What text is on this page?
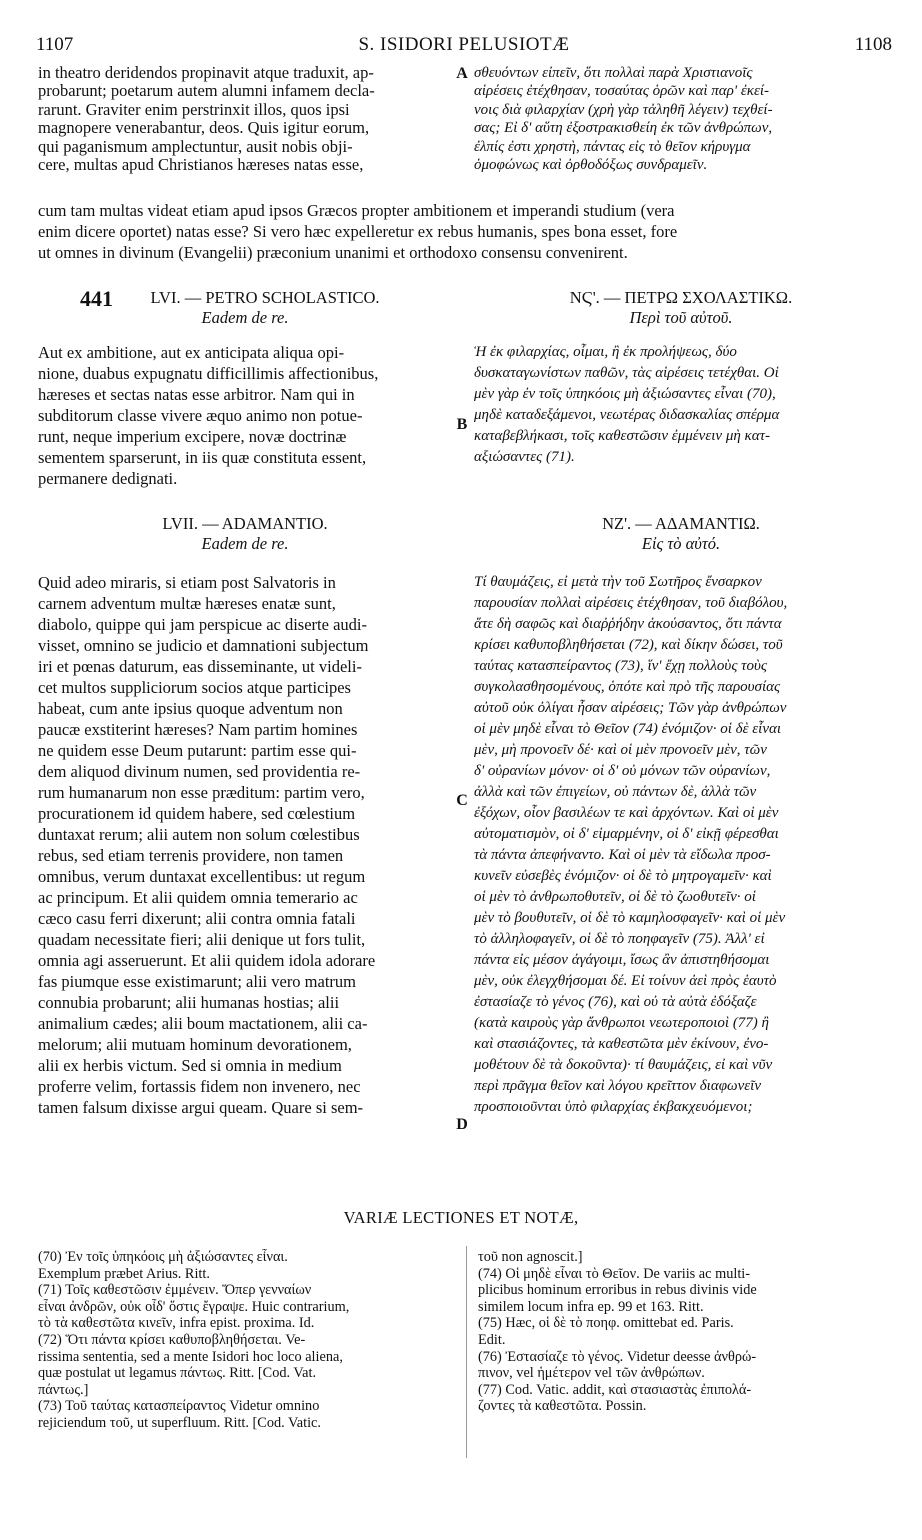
1107	S. ISIDORI PELUSIOTÆ	1108
in theatro deridendos propinavit atque traduxit, ap-
probarunt; poetarum autem alumni infamem decla-
rarunt. Graviter enim perstrinxit illos, quos ipsi
magnopere venerabantur, deos. Quis igitur eorum,
qui paganismum amplectuntur, ausit nobis obji-
cere, multas apud Christianos hæreses natas esse,
σθευόντων εἰπεῖν, ὅτι πολλαὶ παρὰ Χριστιανοῖς
αἱρέσεις ἐτέχθησαν, τοσαύτας ὁρῶν καὶ παρ' ἐκεί-
νοις διὰ φιλαρχίαν (χρὴ γὰρ τἀληθῆ λέγειν) τεχθεί-
σας; Εἰ δ' αὕτη ἐξοστρακισθείη ἐκ τῶν ἀνθρώπων,
ἐλπίς ἐστι χρηστὴ, πάντας εἰς τὸ θεῖον κήρυγμα
ὁμοφώνως καὶ ὀρθοδόξως συνδραμεῖν.
A
cum tam multas videat etiam apud ipsos Græcos propter ambitionem et imperandi studium (vera
enim dicere oportet) natas esse? Si vero hæc expelleretur ex rebus humanis, spes bona esset, fore
ut omnes in divinum (Evangelii) præconium unanimi et orthodoxo consensu convenirent.
441	LVI. — PETRO SCHOLASTICO.
Eadem de re.
ΝϚ'. — ΠΕΤΡΩ ΣΧΟΛΑΣΤΙΚΩ.
Περὶ τοῦ αὐτοῦ.
Aut ex ambitione, aut ex anticipata aliqua opi-
nione, duabus expugnatu difficillimis affectionibus,
hæreses et sectas natas esse arbitror. Nam qui in
subditorum classe vivere æquo animo non potue-
runt, neque imperium excipere, novæ doctrinæ
sementem sparserunt, in iis quæ constituta essent,
permanere dedignati.
Ἡ ἐκ φιλαρχίας, οἶμαι, ἢ ἐκ προλήψεως, δύο
δυσκαταγωνίστων παθῶν, τὰς αἱρέσεις τετέχθαι. Οἱ
μὲν γὰρ ἐν τοῖς ὑπηκόοις μὴ ἀξιώσαντες εἶναι (70),
μηδὲ καταδεξάμενοι, νεωτέρας διδασκαλίας σπέρμα
καταβεβλήκασι, τοῖς καθεστῶσιν ἐμμένειν μὴ κατ-
αξιώσαντες (71).
B
LVII. — ADAMANTIO.
Eadem de re.
ΝΖ'. — ΑΔΑΜΑΝΤΙΩ.
Εἰς τὸ αὐτό.
Quid adeo miraris, si etiam post Salvatoris in
carnem adventum multæ hæreses enatæ sunt,
diabolo, quippe qui jam perspicue ac diserte audi-
visset, omnino se judicio et damnationi subjectum
iri et pœnas daturum, eas disseminante, ut videli-
cet multos suppliciorum socios atque participes
habeat, cum ante ipsius quoque adventum non
paucæ exstiterint hæreses? Nam partim homines
ne quidem esse Deum putarunt: partim esse qui-
dem aliquod divinum numen, sed providentia re-
rum humanarum non esse præditum: partim vero,
procurationem id quidem habere, sed cœlestium
duntaxat rerum; alii autem non solum cœlestibus
rebus, sed etiam terrenis providere, non tamen
omnibus, verum duntaxat excellentibus: ut regum
ac principum. Et alii quidem omnia temerario ac
cæco casu ferri dixerunt; alii contra omnia fatali
quadam necessitate fieri; alii denique ut fors tulit,
omnia agi asseruerunt. Et alii quidem idola adorare
fas piumque esse existimarunt; alii vero matrum
connubia probarunt; alii humanas hostias; alii
animalium cædes; alii boum mactationem, alii ca-
melorum; alii mutuam hominum devorationem,
alii ex herbis victum. Sed si omnia in medium
proferre velim, fortassis fidem non invenero, nec
tamen falsum dixisse argui queam. Quare si sem-
Τί θαυμάζεις, εἰ μετὰ τὴν τοῦ Σωτῆρος ἔνσαρκον
παρουσίαν πολλαὶ αἱρέσεις ἐτέχθησαν, τοῦ διαβόλου,
ἅτε δὴ σαφῶς καὶ διαῤῥήδην ἀκούσαντος, ὅτι πάντα
κρίσει καθυποβληθήσεται (72), καὶ δίκην δώσει, τοῦ
ταύτας κατασπείραντος (73), ἵν' ἔχῃ πολλοὺς τοὺς
συγκολασθησομένους, ὁπότε καὶ πρὸ τῆς παρουσίας
αὐτοῦ οὐκ ὀλίγαι ἦσαν αἱρέσεις; Τῶν γὰρ ἀνθρώπων
οἱ μὲν μηδὲ εἶναι τὸ Θεῖον (74) ἐνόμιζον· οἱ δὲ εἶναι
μὲν, μὴ προνοεῖν δέ· καὶ οἱ μὲν προνοεῖν μὲν, τῶν
δ' οὐρανίων μόνον· οἱ δ' οὐ μόνων τῶν οὐρανίων,
ἀλλὰ καὶ τῶν ἐπιγείων, οὐ πάντων δὲ, ἀλλὰ τῶν
ἐξόχων, οἷον βασιλέων τε καὶ ἀρχόντων. Καὶ οἱ μὲν
αὐτοματισμὸν, οἱ δ' εἱμαρμένην, οἱ δ' εἰκῇ φέρεσθαι
τὰ πάντα ἀπεφήναντο. Καὶ οἱ μὲν τὰ εἴδωλα προσ-
κυνεῖν εὐσεβὲς ἐνόμιζον· οἱ δὲ τὸ μητρογαμεῖν· καὶ
οἱ μὲν τὸ ἀνθρωποθυτεῖν, οἱ δὲ τὸ ζωοθυτεῖν· οἱ
μὲν τὸ βουθυτεῖν, οἱ δὲ τὸ καμηλοσφαγεῖν· καὶ οἱ μὲν
τὸ ἀλληλοφαγεῖν, οἱ δὲ τὸ ποηφαγεῖν (75). Ἀλλ' εἰ
πάντα εἰς μέσον ἀγάγοιμι, ἴσως ἂν ἀπιστηθήσομαι
μὲν, οὐκ ἐλεγχθήσομαι δέ. Εἰ τοίνυν ἀεὶ πρὸς ἑαυτὸ
ἐστασίαζε τὸ γένος (76), καὶ οὐ τὰ αὐτὰ ἐδόξαζε
(κατὰ καιροὺς γὰρ ἄνθρωποι νεωτεροποιοὶ (77) ἢ
καὶ στασιάζοντες, τὰ καθεστῶτα μὲν ἐκίνουν, ἐνο-
μοθέτουν δὲ τὰ δοκοῦντα)· τί θαυμάζεις, εἰ καὶ νῦν
περὶ πρᾶγμα θεῖον καὶ λόγου κρεῖττον διαφωνεῖν
προσποιοῦνται ὑπὸ φιλαρχίας ἐκβακχευόμενοι;
C
D
VARIÆ LECTIONES ET NOTÆ,
(70) Ἐν τοῖς ὑπηκόοις μὴ ἀξιώσαντες εἶναι.
Exemplum præbet Arius. Ritt.
(71) Τοῖς καθεστῶσιν ἐμμένειν. Ὅπερ γενναίων
εἶναι ἀνδρῶν, οὐκ οἶδ' ὅστις ἔγραψε. Huic contrarium,
τὸ τὰ καθεστῶτα κινεῖν, infra epist. proxima. Id.
(72) Ὅτι πάντα κρίσει καθυποβληθήσεται. Ve-
rissima sententia, sed a mente Isidori hoc loco aliena,
quæ postulat ut legamus πάντως. Ritt. [Cod. Vat.
πάντως.]
(73) Τοῦ ταύτας κατασπείραντος Videtur omnino
rejiciendum τοῦ, ut superfluum. Ritt. [Cod. Vatic.
τοῦ non agnoscit.]
(74) Οἱ μηδὲ εἶναι τὸ Θεῖον. De variis ac multi-
plicibus hominum erroribus in rebus divinis vide
similem locum infra ep. 99 et 163. Ritt.
(75) Hæc, οἱ δὲ τὸ ποηφ. omittebat ed. Paris.
Edit.
(76) Ἐστασίαζε τὸ γένος. Videtur deesse ἀνθρώ-
πινον, vel ἡμέτερον vel τῶν ἀνθρώπων.
(77) Cod. Vatic. addit, καὶ στασιαστὰς ἐπιπολά-
ζοντες τὰ καθεστῶτα. Possin.
